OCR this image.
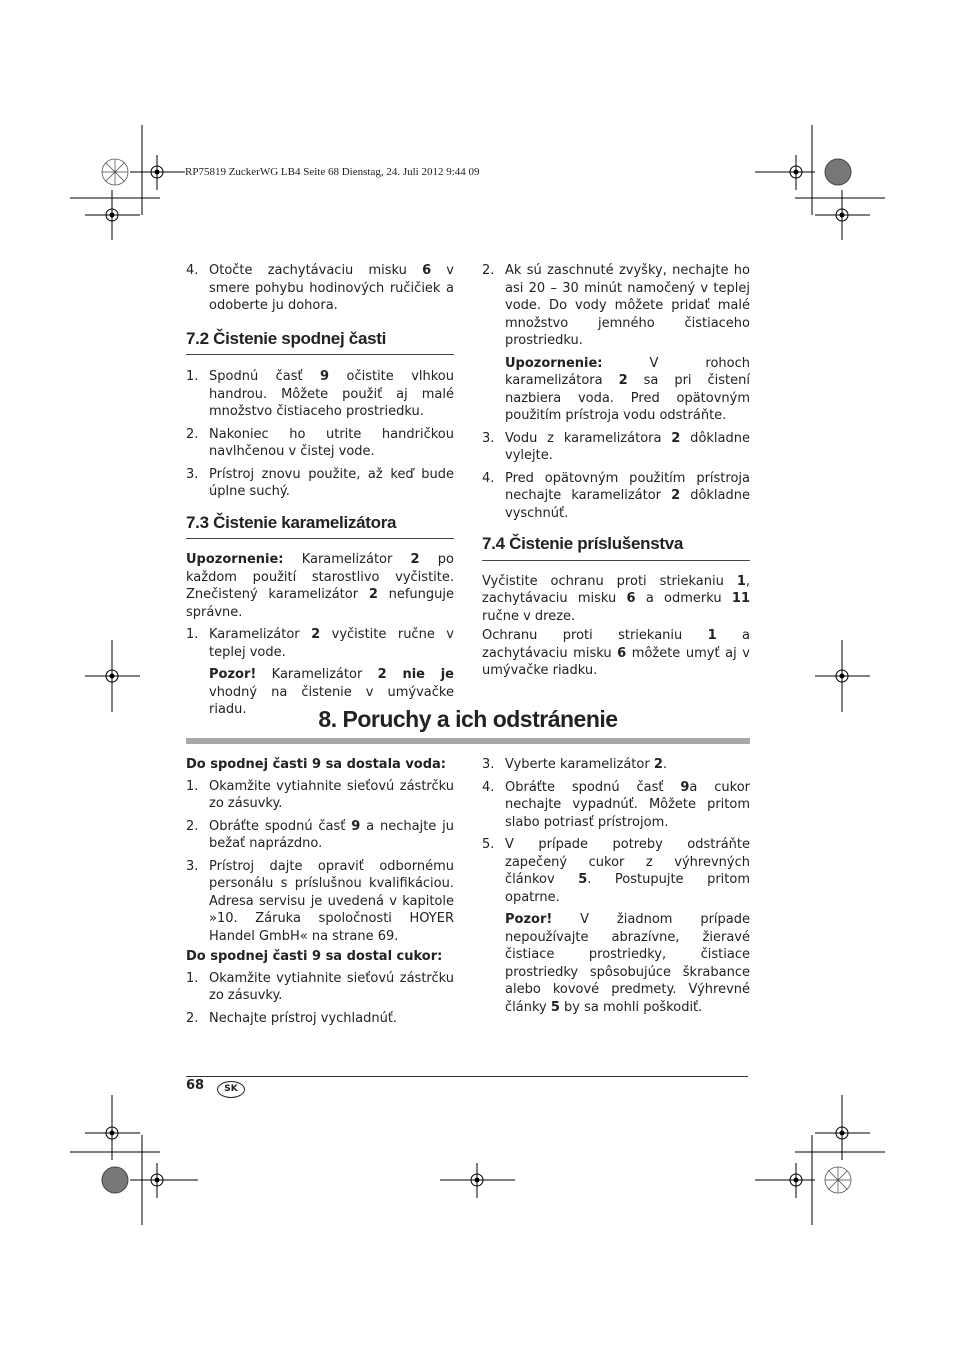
RP75819 ZuckerWG LB4 Seite 68 Dienstag, 24. Juli 2012 9:44 09
4. Otočte zachytávaciu misku 6 v smere pohybu hodinových ručičiek a odoberte ju dohora.
7.2 Čistenie spodnej časti
1. Spodnú časť 9 očistite vlhkou handrou. Môžete použiť aj malé množstvo čistiaceho prostriedku.
2. Nakoniec ho utrite handričkou navlhčenou v čistej vode.
3. Prístroj znovu použite, až keď bude úplne suchý.
7.3 Čistenie karamelizátora
Upozornenie: Karamelizátor 2 po každom použití starostlivo vyčistite. Znečistený karamelizátor 2 nefunguje správne.
1. Karamelizátor 2 vyčistite ručne v teplej vode.
Pozor! Karamelizátor 2 nie je vhodný na čistenie v umývačke riadu.
2. Ak sú zaschnuté zvyšky, nechajte ho asi 20 – 30 minút namočený v teplej vode. Do vody môžete pridať malé množstvo jemného čistiaceho prostriedku.
Upozornenie: V rohoch karamelizátora 2 sa pri čistení nazbiera voda. Pred opätovným použitím prístroja vodu odstráňte.
3. Vodu z karamelizátora 2 dôkladne vylejte.
4. Pred opätovným použitím prístroja nechajte karamelizátor 2 dôkladne vyschnúť.
7.4 Čistenie príslušenstva
Vyčistite ochranu proti striekaniu 1, zachytávaciu misku 6 a odmerku 11 ručne v dreze.
Ochranu proti striekaniu 1 a zachytávaciu misku 6 môžete umyť aj v umývačke riadku.
8. Poruchy a ich odstránenie
Do spodnej časti 9 sa dostala voda:
1. Okamžite vytiahnite sieťovú zástrčku zo zásuvky.
2. Obráťte spodnú časť 9 a nechajte ju bežať naprázdno.
3. Prístroj dajte opraviť odbornému personálu s príslušnou kvalifikáciou. Adresa servisu je uvedená v kapitole »10. Záruka spoločnosti HOYER Handel GmbH« na strane 69.
Do spodnej časti 9 sa dostal cukor:
1. Okamžite vytiahnite sieťovú zástrčku zo zásuvky.
2. Nechajte prístroj vychladnúť.
3. Vyberte karamelizátor 2.
4. Obráťte spodnú časť 9a cukor nechajte vypadnúť. Môžete pritom slabo potriasť prístrojom.
5. V prípade potreby odstráňte zapečený cukor z výhrevných článkov 5. Postupujte pritom opatrne.
Pozor! V žiadnom prípade nepoužívajte abrazívne, žieravé čistiace prostriedky, čistiace prostriedky spôsobujúce škrabance alebo kovové predmety. Výhrevné články 5 by sa mohli poškodiť.
68	SK
